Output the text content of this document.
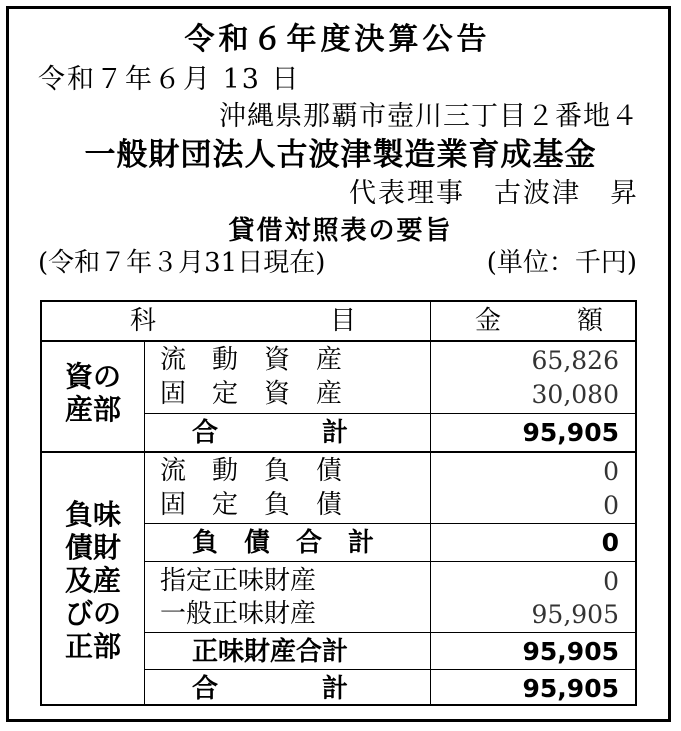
令和６年度決算公告
令和７年６月 13 日
沖縄県那覇市壺川三丁目２番地４
一般財団法人古波津製造業育成基金
代表理事　古波津　昇
貸借対照表の要旨
(令和７年３月31日現在)	(単位：千円)
科	目	金	額
資の
産部
流　動　資　産	65,826
固　定　資　産	30,080
合　　　　計	95,905
負味
債財
及産
びの
正部
流　動　負　債	0
固　定　負　債	0
負　債　合　計	0
指定正味財産	0
一般正味財産	95,905
正味財産合計	95,905
合　　　　計	95,905
